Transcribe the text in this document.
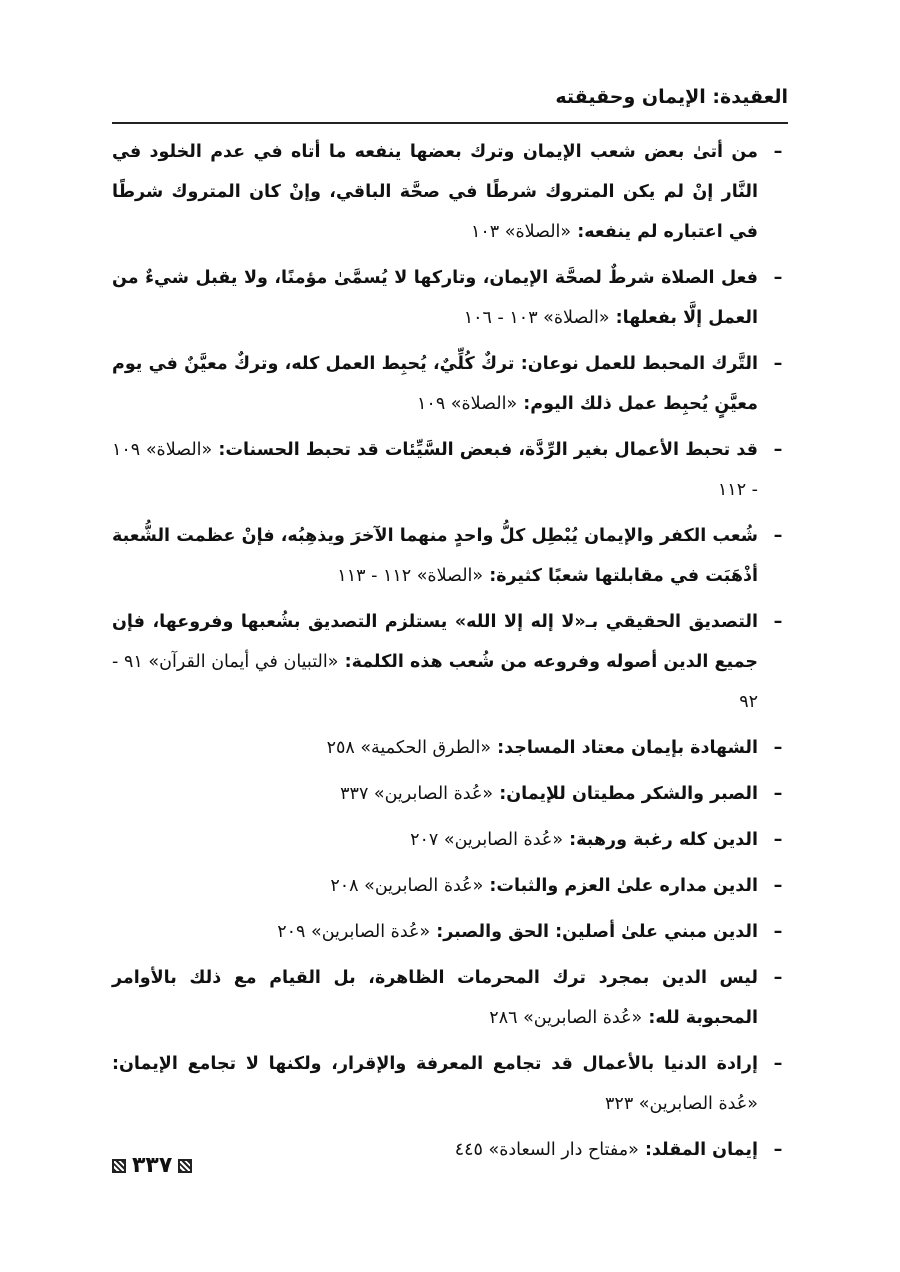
العقيدة: الإيمان وحقيقته
–
من أتىٰ بعض شعب الإيمان وترك بعضها ينفعه ما أتاه في عدم الخلود في النَّار إنْ لم يكن المتروك شرطًا في صحَّة الباقي، وإنْ كان المتروك شرطًا في اعتباره لم ينفعه: «الصلاة» ١٠٣
–
فعل الصلاة شرطٌ لصحَّة الإيمان، وتاركها لا يُسمَّىٰ مؤمنًا، ولا يقبل شيءٌ من العمل إلَّا بفعلها: «الصلاة» ١٠٣ - ١٠٦
–
التَّرك المحبط للعمل نوعان: تركٌ كُلِّيٌ، يُحبِط العمل كله، وتركٌ معيَّنٌ في يوم معيَّنٍ يُحبِط عمل ذلك اليوم: «الصلاة» ١٠٩
–
قد تحبط الأعمال بغير الرِّدَّة، فبعض السَّيِّئات قد تحبط الحسنات: «الصلاة» ١٠٩ - ١١٢
–
شُعب الكفر والإيمان يُبْطِل كلُّ واحدٍ منهما الآخرَ ويذهِبُه، فإنْ عظمت الشُّعبة أذْهَبَت في مقابلتها شعبًا كثيرة: «الصلاة» ١١٢ - ١١٣
–
التصديق الحقيقي بـ«لا إله إلا الله» يستلزم التصديق بشُعبها وفروعها، فإن جميع الدين أصوله وفروعه من شُعب هذه الكلمة: «التبيان في أيمان القرآن» ٩١ - ٩٢
–
الشهادة بإيمان معتاد المساجد: «الطرق الحكمية» ٢٥٨
–
الصبر والشكر مطيتان للإيمان: «عُدة الصابرين» ٣٣٧
–
الدين كله رغبة ورهبة: «عُدة الصابرين» ٢٠٧
–
الدين مداره علىٰ العزم والثبات: «عُدة الصابرين» ٢٠٨
–
الدين مبني علىٰ أصلين: الحق والصبر: «عُدة الصابرين» ٢٠٩
–
ليس الدين بمجرد ترك المحرمات الظاهرة، بل القيام مع ذلك بالأوامر المحبوبة لله: «عُدة الصابرين» ٢٨٦
–
إرادة الدنيا بالأعمال قد تجامع المعرفة والإقرار، ولكنها لا تجامع الإيمان: «عُدة الصابرين» ٣٢٣
–
إيمان المقلد: «مفتاح دار السعادة» ٤٤٥
٣٣٧
